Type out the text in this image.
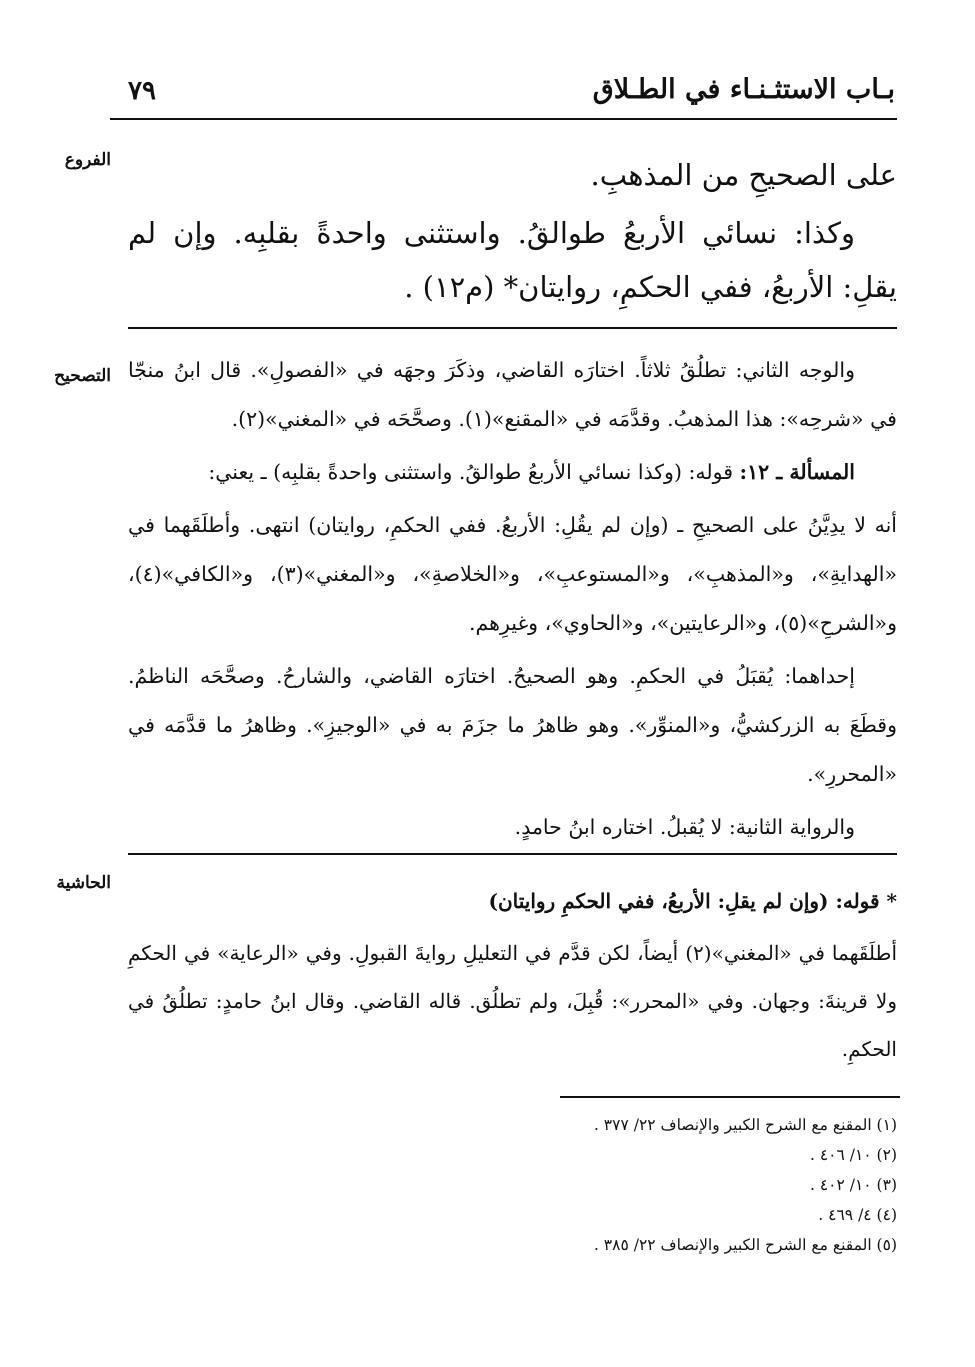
٧٩	بـاب الاستثـنـاء في الطـلاق
الفروع	على الصحيحِ من المذهبِ.

وكذا: نسائي الأربعُ طوالقُ. واستثنى واحدةً بقلبِه. وإن لم يقلِ: الأربعُ، ففي الحكمِ، روايتان* (م١٢) .

التصحيح والوجه الثاني: تطلُقُ ثلاثاً. اختارَه القاضي، وذكَرَ وجهَه في «الفصولِ». قال ابنُ منجّا في «شرحِه»: هذا المذهبُ. وقدَّمَه في «المقنع»(١). وصحَّحَه في «المغني»(٢).

المسألة ـ ١٢: قوله: (وكذا نسائي الأربعُ طوالقُ. واستثنى واحدةً بقلبِه) ـ يعني:

أنه لا يدِيَّنُ على الصحيحِ ـ (وإن لم يقُلِ: الأربعُ. ففي الحكمِ، روايتان) انتهى. وأطلَقَهما في «الهدايةِ»، و«المذهبِ»، و«المستوعبِ»، و«الخلاصةِ»، و«المغني»(٣)، و«الكافي»(٤)، و«الشرحِ»(٥)، و«الرعايتين»، و«الحاوي»، وغيرِهم.

إحداهما: يُقبَلُ في الحكمِ. وهو الصحيحُ. اختارَه القاضي، والشارحُ. وصحَّحَه الناظمُ. وقطَعَ به الزركشيُّ، و«المنوِّر». وهو ظاهرُ ما جزَمَ به في «الوجيزِ». وظاهرُ ما قدَّمَه في «المحررِ».

والرواية الثانية: لا يُقبلُ. اختاره ابنُ حامدٍ.

الحاشية

* قوله: (وإن لم يقلِ: الأربعُ، ففي الحكمِ روايتان)

أطلَقَهما في «المغني»(٢) أيضاً، لكن قدَّم في التعليلِ روايةَ القبولِ. وفي «الرعاية» في الحكمِ ولا قرينةَ: وجهان. وفي «المحرر»: قُبِلَ، ولم تطلُق. قاله القاضي. وقال ابنُ حامدٍ: تطلُقُ في الحكمِ.

(١) المقنع مع الشرح الكبير والإنصاف ٢٢/ ٣٧٧ .

(٢) ١٠/ ٤٠٦ .

(٣) ١٠/ ٤٠٢ .

(٤) ٤/ ٤٦٩ .

(٥) المقنع مع الشرح الكبير والإنصاف ٢٢/ ٣٨٥ .
